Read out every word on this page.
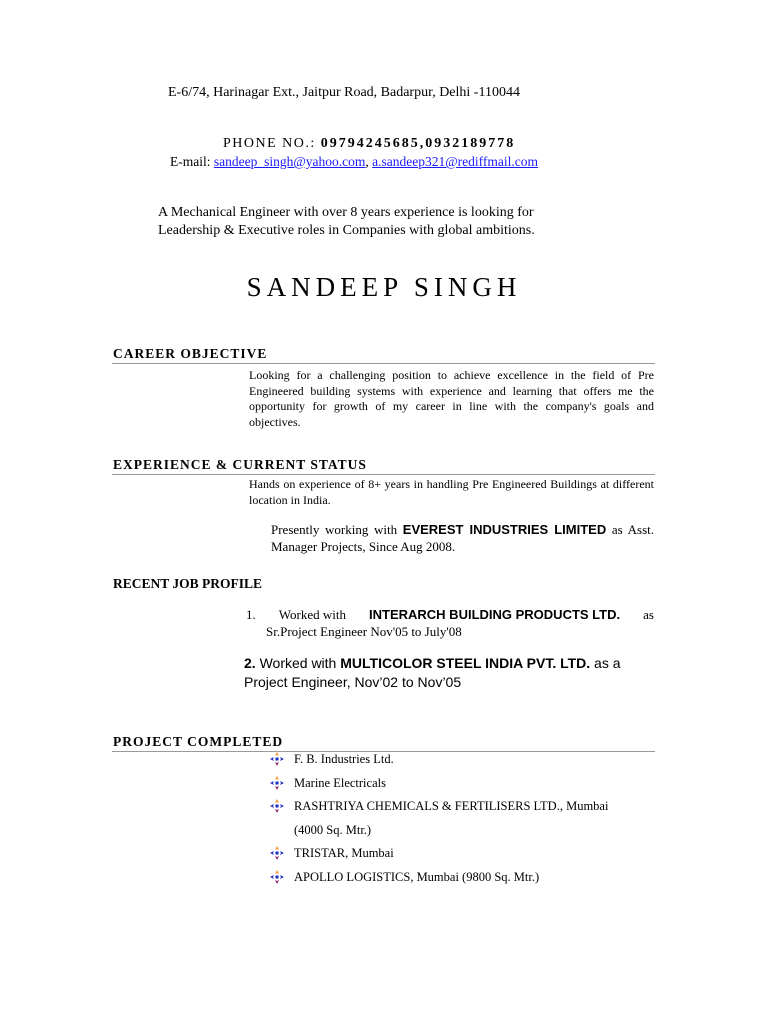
E-6/74, Harinagar Ext., Jaitpur Road, Badarpur, Delhi -110044
PHONE NO.: 09794245685,0932189778
E-mail: sandeep_singh@yahoo.com, a.sandeep321@rediffmail.com
A Mechanical Engineer with over 8 years experience is looking for
Leadership & Executive roles in Companies with global ambitions.
SANDEEP SINGH
CAREER OBJECTIVE
Looking for a challenging position to achieve excellence in the field of Pre Engineered building systems with experience and learning that offers me the opportunity for growth of my career in line with the company's goals and objectives.
EXPERIENCE & CURRENT STATUS
Hands on experience of 8+ years in handling Pre Engineered Buildings at different location in India.
Presently working with EVEREST INDUSTRIES LIMITED as Asst. Manager Projects, Since Aug 2008.
RECENT JOB PROFILE
1. Worked with INTERARCH BUILDING PRODUCTS LTD. as
Sr.Project Engineer Nov'05 to July'08
2. Worked with MULTICOLOR STEEL INDIA PVT. LTD. as a Project Engineer, Nov’02 to Nov’05
PROJECT COMPLETED
F. B. Industries Ltd.
Marine Electricals
RASHTRIYA CHEMICALS & FERTILISERS LTD., Mumbai
(4000 Sq. Mtr.)
TRISTAR, Mumbai
APOLLO LOGISTICS, Mumbai (9800 Sq. Mtr.)
